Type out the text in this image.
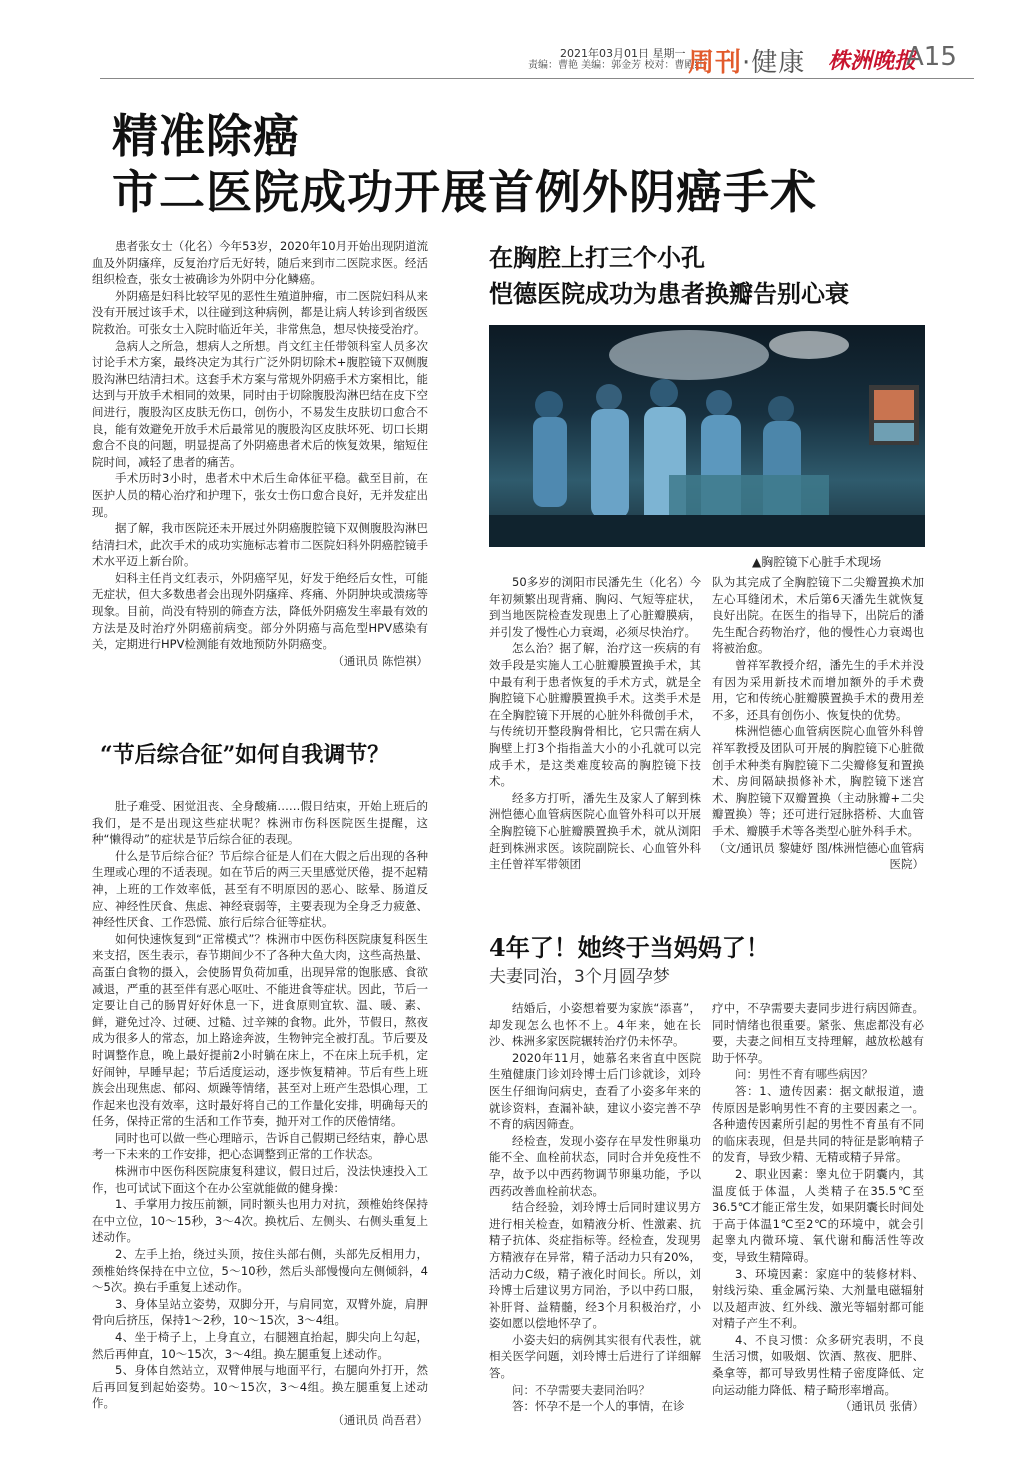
2021年03月01日 星期一
责编：曹艳 美编：郭金芳 校对：曹殿红
周刊·健康 株洲晚报
A15
精准除癌
市二医院成功开展首例外阴癌手术

患者张女士（化名）今年53岁，2020年10月开始出现阴道流血及外阴瘙痒，反复治疗后无好转，随后来到市二医院求医。经活组织检查，张女士被确诊为外阴中分化鳞癌。

外阴癌是妇科比较罕见的恶性生殖道肿瘤，市二医院妇科从来没有开展过该手术，以往碰到这种病例，都是让病人转诊到省级医院救治。可张女士入院时临近年关，非常焦急，想尽快接受治疗。

急病人之所急，想病人之所想。肖文红主任带领科室人员多次讨论手术方案，最终决定为其行广泛外阴切除术+腹腔镜下双侧腹股沟淋巴结清扫术。这套手术方案与常规外阴癌手术方案相比，能达到与开放手术相同的效果，同时由于切除腹股沟淋巴结在皮下空间进行，腹股沟区皮肤无伤口，创伤小，不易发生皮肤切口愈合不良，能有效避免开放手术后最常见的腹股沟区皮肤坏死、切口长期愈合不良的问题，明显提高了外阴癌患者术后的恢复效果，缩短住院时间，减轻了患者的痛苦。

手术历时3小时，患者术中术后生命体征平稳。截至目前，在医护人员的精心治疗和护理下，张女士伤口愈合良好，无并发症出现。

据了解，我市医院还未开展过外阴癌腹腔镜下双侧腹股沟淋巴结清扫术，此次手术的成功实施标志着市二医院妇科外阴癌腔镜手术水平迈上新台阶。

妇科主任肖文红表示，外阴癌罕见，好发于绝经后女性，可能无症状，但大多数患者会出现外阴瘙痒、疼痛、外阴肿块或溃疡等现象。目前，尚没有特别的筛查方法，降低外阴癌发生率最有效的方法是及时治疗外阴癌前病变。部分外阴癌与高危型HPV感染有关，定期进行HPV检测能有效地预防外阴癌变。

（通讯员 陈恺祺）

“节后综合征”如何自我调节？

肚子难受、困觉沮丧、全身酸痛……假日结束，开始上班后的我们，是不是出现这些症状呢？株洲市伤科医院医生提醒，这种“懒得动”的症状是节后综合征的表现。

什么是节后综合征？节后综合征是人们在大假之后出现的各种生理或心理的不适表现。如在节后的两三天里感觉厌倦，提不起精神，上班的工作效率低，甚至有不明原因的恶心、眩晕、肠道反应、神经性厌食、焦虑、神经衰弱等，主要表现为全身乏力疲惫、神经性厌食、工作恐慌、旅行后综合征等症状。

如何快速恢复到“正常模式”？株洲市中医伤科医院康复科医生来支招，医生表示，春节期间少不了各种大鱼大肉，这些高热量、高蛋白食物的摄入，会使肠胃负荷加重，出现异常的饱胀感、食欲减退，严重的甚至伴有恶心呕吐、不能进食等症状。因此，节后一定要让自己的肠胃好好休息一下，进食原则宜软、温、暖、素、鲜，避免过冷、过硬、过糙、过辛辣的食物。此外，节假日，熬夜成为很多人的常态，加上路途奔波，生物钟完全被打乱。节后要及时调整作息，晚上最好提前2小时躺在床上，不在床上玩手机，定好闹钟，早睡早起；节后适度运动，逐步恢复精神。节后有些上班族会出现焦虑、郁闷、烦躁等情绪，甚至对上班产生恐惧心理，工作起来也没有效率，这时最好将自己的工作量化安排，明确每天的任务，保持正常的生活和工作节奏，抛开对工作的厌倦情绪。

同时也可以做一些心理暗示，告诉自己假期已经结束，静心思考一下未来的工作安排，把心态调整到正常的工作状态。

株洲市中医伤科医院康复科建议，假日过后，没法快速投入工作，也可试试下面这个在办公室就能做的健身操：

1、手掌用力按压前额，同时额头也用力对抗，颈椎始终保持在中立位，10～15秒，3～4次。换枕后、左侧头、右侧头重复上述动作。

2、左手上抬，绕过头顶，按住头部右侧，头部先反相用力，颈椎始终保持在中立位，5～10秒，然后头部慢慢向左侧倾斜，4～5次。换右手重复上述动作。

3、身体呈站立姿势，双脚分开，与肩同宽，双臂外旋，肩胛骨向后挤压，保持1～2秒，10～15次，3～4组。

4、坐于椅子上，上身直立，右腿翘直抬起，脚尖向上勾起，然后再伸直，10～15次，3～4组。换左腿重复上述动作。

5、身体自然站立，双臂伸展与地面平行，右腿向外打开，然后再回复到起始姿势。10～15次，3～4组。换左腿重复上述动作。

（通讯员 尚吾君）

在胸腔上打三个小孔
恺德医院成功为患者换瓣告别心衰
▲胸腔镜下心脏手术现场

50多岁的浏阳市民潘先生（化名）今年初频繁出现背痛、胸闷、气短等症状，到当地医院检查发现患上了心脏瓣膜病，并引发了慢性心力衰竭，必须尽快治疗。

怎么治？据了解，治疗这一疾病的有效手段是实施人工心脏瓣膜置换手术，其中最有利于患者恢复的手术方式，就是全胸腔镜下心脏瓣膜置换手术。这类手术是在全胸腔镜下开展的心脏外科微创手术，与传统切开整段胸骨相比，它只需在病人胸壁上打3个指指盖大小的小孔就可以完成手术，是这类难度较高的胸腔镜下技术。

经多方打听，潘先生及家人了解到株洲恺德心血管病医院心血管外科可以开展全胸腔镜下心脏瓣膜置换手术，就从浏阳赶到株洲求医。该院副院长、心血管外科主任曾祥军带领团

队为其完成了全胸腔镜下二尖瓣置换术加左心耳缝闭术，术后第6天潘先生就恢复良好出院。在医生的指导下，出院后的潘先生配合药物治疗，他的慢性心力衰竭也将被治愈。

曾祥军教授介绍，潘先生的手术并没有因为采用新技术而增加额外的手术费用，它和传统心脏瓣膜置换手术的费用差不多，还具有创伤小、恢复快的优势。

株洲恺德心血管病医院心血管外科曾祥军教授及团队可开展的胸腔镜下心脏微创手术种类有胸腔镜下二尖瓣修复和置换术、房间隔缺损修补术，胸腔镜下迷宫术、胸腔镜下双瓣置换（主动脉瓣+二尖瓣置换）等；还可进行冠脉搭桥、大血管手术、瓣膜手术等各类型心脏外科手术。

（文/通讯员 黎婕妤 图/株洲恺德心血管病医院）

4年了！她终于当妈妈了！
夫妻同治，3个月圆孕梦

结婚后，小姿想着要为家族“添喜”，却发现怎么也怀不上。4年来，她在长沙、株洲多家医院辗转治疗仍未怀孕。

2020年11月，她慕名来省直中医院生殖健康门诊刘玲博士后门诊就诊，刘玲医生仔细询问病史，查看了小姿多年来的就诊资料，查漏补缺，建议小姿完善不孕不育的病因筛查。

经检查，发现小姿存在早发性卵巢功能不全、血栓前状态，同时合并免疫性不孕，故予以中西药物调节卵巢功能，予以西药改善血栓前状态。

结合经验，刘玲博士后同时建议男方进行相关检查，如精液分析、性激素、抗精子抗体、炎症指标等。经检查，发现男方精液存在异常，精子活动力只有20%，活动力C级，精子液化时间长。所以，刘玲博士后建议男方同治，予以中药口服，补肝肾、益精髓，经3个月积极治疗，小姿如愿以偿地怀孕了。

小姿夫妇的病例其实很有代表性，就相关医学问题，刘玲博士后进行了详细解答。

问：不孕需要夫妻同治吗？

答：怀孕不是一个人的事情，在诊

疗中，不孕需要夫妻同步进行病因筛查。同时情绪也很重要。紧张、焦虑都没有必要，夫妻之间相互支持理解，越放松越有助于怀孕。

问：男性不育有哪些病因？

答：1、遗传因素：据文献报道，遗传原因是影响男性不育的主要因素之一。各种遗传因素所引起的男性不育虽有不同的临床表现，但是共同的特征是影响精子的发育，导致少精、无精或精子异常。

2、职业因素：睾丸位于阴囊内，其温度低于体温，人类精子在35.5℃至36.5℃才能正常生发，如果阴囊长时间处于高于体温1℃至2℃的环境中，就会引起睾丸内微环境、氧代谢和酶活性等改变，导致生精障碍。

3、环境因素：家庭中的装修材料、射线污染、重金属污染、大剂量电磁辐射以及超声波、红外线、激光等辐射都可能对精子产生不利。

4、不良习惯：众多研究表明，不良生活习惯，如吸烟、饮酒、熬夜、肥胖、桑拿等，都可导致男性精子密度降低、定向运动能力降低、精子畸形率增高。

（通讯员 张倩）
